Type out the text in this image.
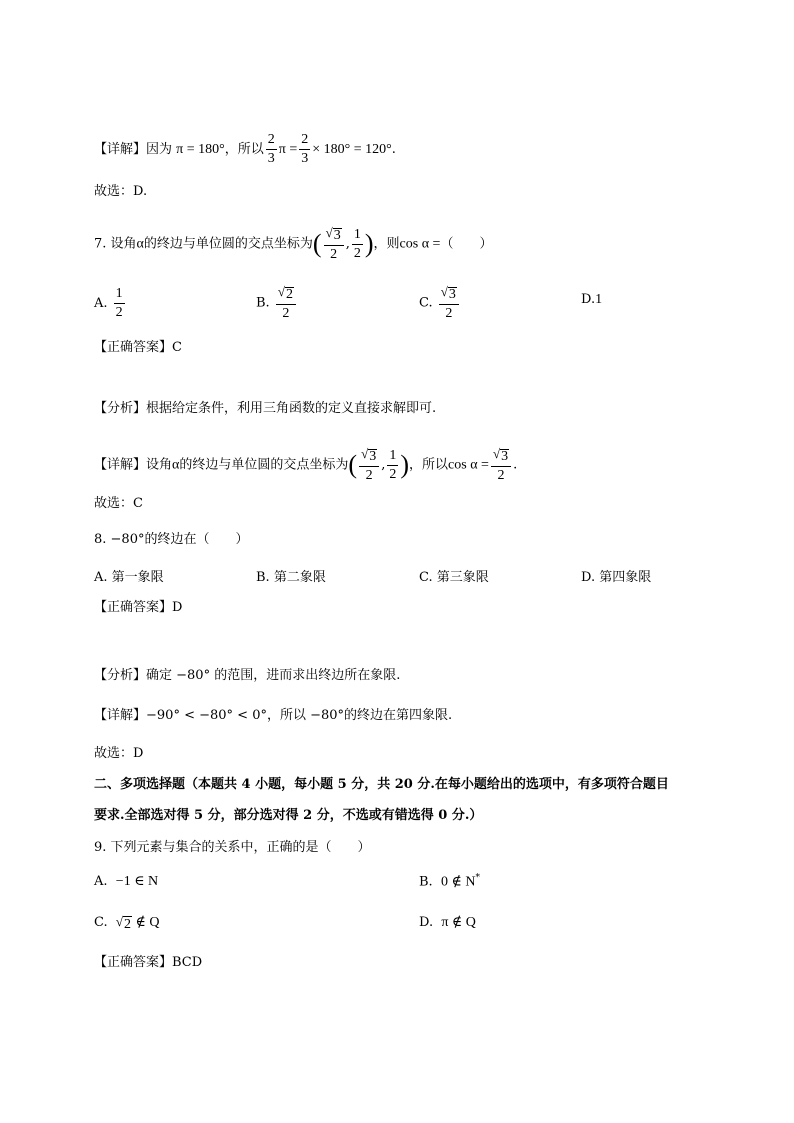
【详解】因为 π = 180°，所以 $\frac{2}{3}$ $\pi = \frac{2}{3} \times 180^\circ = 120^\circ$.
故选：D.
7. 设角α的终边与单位圆的交点坐标为( $\frac{√ 3}{2}$ , $\frac{1}{2}$ )，则cos α =（　　）
A. $\frac{1}{2}$	B. $\frac{√ 2}{2}$	C. $\frac{√ 3}{2}$	D.1
【正确答案】C
【分析】根据给定条件，利用三角函数的定义直接求解即可.
【详解】设角α的终边与单位圆的交点坐标为( $\frac{√ 3}{2}$ , $\frac{1}{2}$ )，所以$\cos \alpha = \frac{√ 3}{2}$ .
故选：C
8. −80°的终边在（　　）
A. 第一象限	B. 第二象限	C. 第三象限	D. 第四象限
【正确答案】D
【分析】确定 −80° 的范围，进而求出终边所在象限.
【详解】−90° < −80° < 0°，所以 −80°的终边在第四象限.
故选：D
二、多项选择题（本题共 4 小题，每小题 5 分，共 20 分.在每小题给出的选项中，有多项符合题目
要求.全部选对得 5 分，部分选对得 2 分，不选或有错选得 0 分.）
9. 下列元素与集合的关系中，正确的是（　　）
A. −1 ∈ N	B. 0 ∉ N*
C. √ 2 ∉ Q	D. π ∉ Q
【正确答案】BCD
